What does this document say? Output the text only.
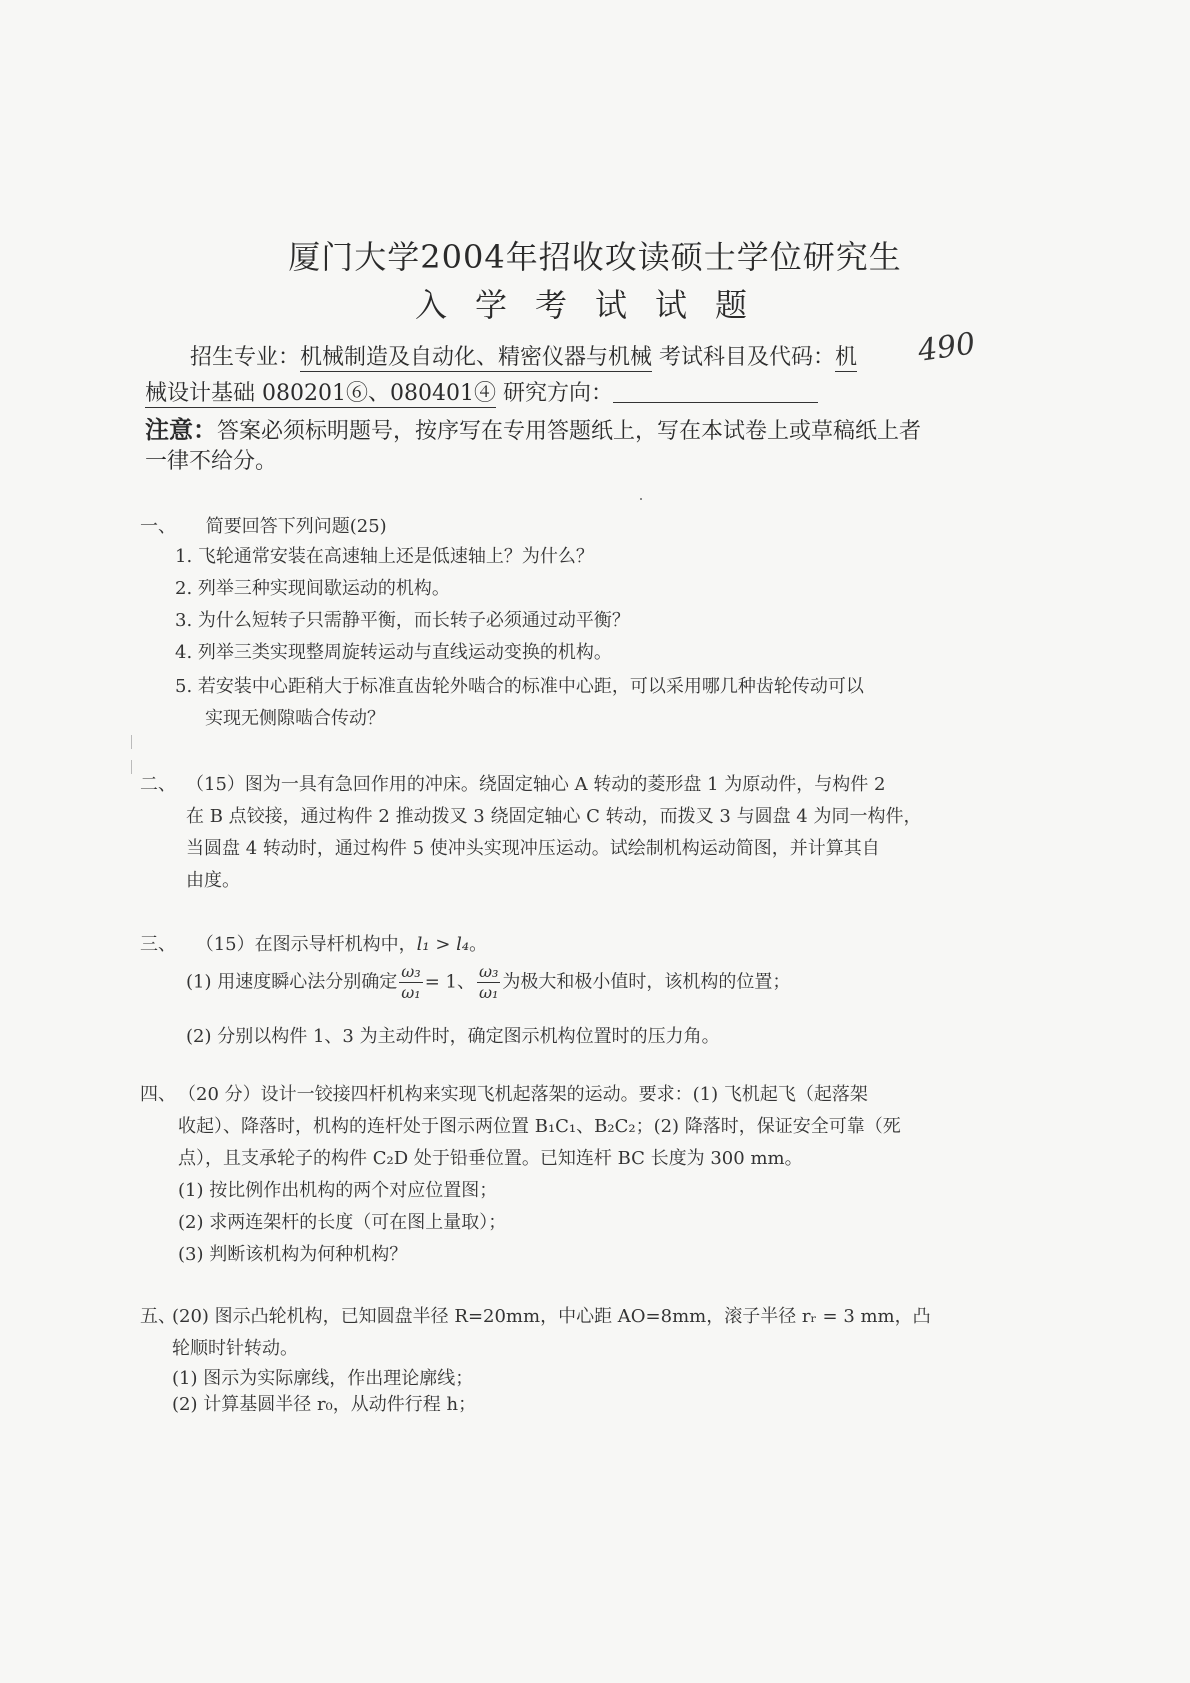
厦门大学2004年招收攻读硕士学位研究生
入学考试试题
490
招生专业：机械制造及自动化、精密仪器与机械 考试科目及代码：机
械设计基础 080201⑥、080401④ 研究方向：
注意：答案必须标明题号，按序写在专用答题纸上，写在本试卷上或草稿纸上者
一律不给分。
一、 简要回答下列问题(25)
1. 飞轮通常安装在高速轴上还是低速轴上？为什么？
2. 列举三种实现间歇运动的机构。
3. 为什么短转子只需静平衡，而长转子必须通过动平衡？
4. 列举三类实现整周旋转运动与直线运动变换的机构。
5. 若安装中心距稍大于标准直齿轮外啮合的标准中心距，可以采用哪几种齿轮传动可以
实现无侧隙啮合传动？
二、 （15）图为一具有急回作用的冲床。绕固定轴心 A 转动的菱形盘 1 为原动件，与构件 2
在 B 点铰接，通过构件 2 推动拨叉 3 绕固定轴心 C 转动，而拨叉 3 与圆盘 4 为同一构件，
当圆盘 4 转动时，通过构件 5 使冲头实现冲压运动。试绘制机构运动简图，并计算其自
由度。
三、 （15）在图示导杆机构中，l₁ > l₄。
(1) 用速度瞬心法分别确定 $\frac{\text{ω₃}}{\text{ω₁}} = 1$、 $\frac{\text{ω₃}}{\text{ω₁}}$ 为极大和极小值时，该机构的位置；
(2) 分别以构件 1、3 为主动件时，确定图示机构位置时的压力角。
四、 （20 分）设计一铰接四杆机构来实现飞机起落架的运动。要求：(1) 飞机起飞（起落架
收起）、降落时，机构的连杆处于图示两位置 B₁C₁、B₂C₂；(2) 降落时，保证安全可靠（死
点），且支承轮子的构件 C₂D 处于铅垂位置。已知连杆 BC 长度为 300 mm。
(1) 按比例作出机构的两个对应位置图；
(2) 求两连架杆的长度（可在图上量取）；
(3) 判断该机构为何种机构？
五、
(20) 图示凸轮机构，已知圆盘半径 R=20mm，中心距 AO=8mm，滚子半径 rᵣ = 3 mm，凸
轮顺时针转动。
(1) 图示为实际廓线，作出理论廓线；
(2) 计算基圆半径 r₀，从动件行程 h；
